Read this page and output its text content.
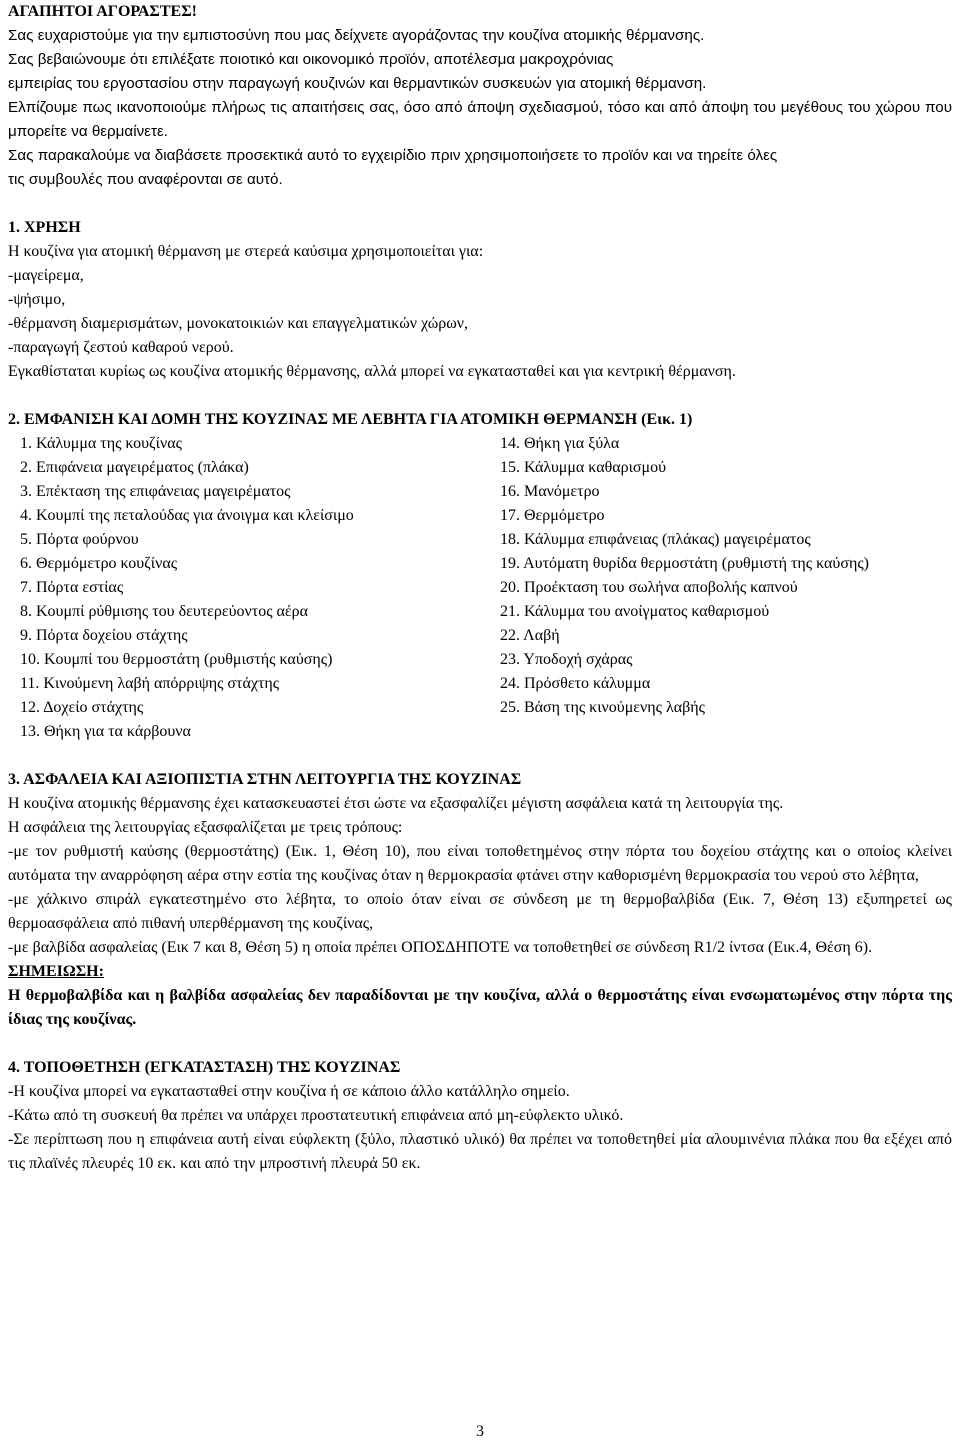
ΑΓΑΠΗΤΟΙ ΑΓΟΡΑΣΤΕΣ!

Σας ευχαριστούμε για την εμπιστοσύνη που μας δείχνετε αγοράζοντας την κουζίνα ατομικής θέρμανσης.

Σας βεβαιώνουμε ότι επιλέξατε ποιοτικό και οικονομικό προϊόν, αποτέλεσμα μακροχρόνιας

εμπειρίας του εργοστασίου στην παραγωγή κουζινών και θερμαντικών συσκευών για ατομική θέρμανση.

Ελπίζουμε πως ικανοποιούμε πλήρως τις απαιτήσεις σας, όσο από άποψη σχεδιασμού, τόσο και από άποψη του μεγέθους του χώρου που μπορείτε να θερμαίνετε.

Σας παρακαλούμε να διαβάσετε προσεκτικά αυτό το εγχειρίδιο πριν χρησιμοποιήσετε το προϊόν και να τηρείτε όλες

τις συμβουλές που αναφέρονται σε αυτό.

1. ΧΡΗΣΗ

Η κουζίνα για ατομική θέρμανση με στερεά καύσιμα χρησιμοποιείται για:

-μαγείρεμα,

-ψήσιμο,

-θέρμανση διαμερισμάτων, μονοκατοικιών και επαγγελματικών χώρων,

-παραγωγή ζεστού καθαρού νερού.

Εγκαθίσταται κυρίως ως κουζίνα ατομικής θέρμανσης, αλλά μπορεί να εγκατασταθεί και για κεντρική θέρμανση.

2. ΕΜΦΑΝΙΣΗ ΚΑΙ ΔΟΜΗ ΤΗΣ ΚΟΥΖΙΝΑΣ ΜΕ ΛΕΒΗΤΑ ΓΙΑ ΑΤΟΜΙΚΗ ΘΕΡΜΑΝΣΗ (Εικ. 1)

1. Κάλυμμα της κουζίνας

2. Επιφάνεια μαγειρέματος (πλάκα)

3. Επέκταση της επιφάνειας μαγειρέματος

4. Κουμπί της πεταλούδας για άνοιγμα και κλείσιμο

5. Πόρτα φούρνου

6. Θερμόμετρο κουζίνας

7. Πόρτα εστίας

8. Κουμπί ρύθμισης του δευτερεύοντος αέρα

9. Πόρτα δοχείου στάχτης

10. Κουμπί του θερμοστάτη (ρυθμιστής καύσης)

11. Κινούμενη λαβή απόρριψης στάχτης

12. Δοχείο στάχτης

13. Θήκη για τα κάρβουνα

14. Θήκη για ξύλα

15. Κάλυμμα καθαρισμού

16. Μανόμετρο

17. Θερμόμετρο

18. Κάλυμμα επιφάνειας (πλάκας) μαγειρέματος

19. Αυτόματη θυρίδα θερμοστάτη (ρυθμιστή της καύσης)

20. Προέκταση του σωλήνα αποβολής καπνού

21. Κάλυμμα του ανοίγματος καθαρισμού

22. Λαβή

23. Υποδοχή σχάρας

24. Πρόσθετο κάλυμμα

25. Βάση της κινούμενης λαβής

3. ΑΣΦΑΛΕΙΑ ΚΑΙ ΑΞΙΟΠΙΣΤΙΑ ΣΤΗΝ ΛΕΙΤΟΥΡΓΙΑ ΤΗΣ ΚΟΥΖΙΝΑΣ

Η κουζίνα ατομικής θέρμανσης έχει κατασκευαστεί έτσι ώστε να εξασφαλίζει μέγιστη ασφάλεια κατά τη λειτουργία της.

Η ασφάλεια της λειτουργίας εξασφαλίζεται με τρεις τρόπους:

-με τον ρυθμιστή καύσης (θερμοστάτης) (Εικ. 1, Θέση 10), που είναι τοποθετημένος στην πόρτα του δοχείου στάχτης και ο οποίος κλείνει αυτόματα την αναρρόφηση αέρα στην εστία της κουζίνας όταν η θερμοκρασία φτάνει στην καθορισμένη θερμοκρασία του νερού στο λέβητα,

-με χάλκινο σπιράλ εγκατεστημένο στο λέβητα, το οποίο όταν είναι σε σύνδεση με τη θερμοβαλβίδα (Εικ. 7, Θέση 13) εξυπηρετεί ως θερμοασφάλεια από πιθανή υπερθέρμανση της κουζίνας,

-με βαλβίδα ασφαλείας (Εικ 7 και 8, Θέση 5) η οποία πρέπει ΟΠΟΣΔΗΠΟΤΕ να τοποθετηθεί σε σύνδεση R1/2 ίντσα (Εικ.4, Θέση 6).

ΣΗΜΕΙΩΣΗ:

Η θερμοβαλβίδα και η βαλβίδα ασφαλείας δεν παραδίδονται με την κουζίνα, αλλά ο θερμοστάτης είναι ενσωματωμένος στην πόρτα της ίδιας της κουζίνας.

4. ΤΟΠΟΘΕΤΗΣΗ (ΕΓΚΑΤΑΣΤΑΣΗ) ΤΗΣ ΚΟΥΖΙΝΑΣ

-Η κουζίνα μπορεί να εγκατασταθεί στην κουζίνα ή σε κάποιο άλλο κατάλληλο σημείο.

-Κάτω από τη συσκευή θα πρέπει να υπάρχει προστατευτική επιφάνεια από μη-εύφλεκτο υλικό.

-Σε περίπτωση που η επιφάνεια αυτή είναι εύφλεκτη (ξύλο, πλαστικό υλικό) θα πρέπει να τοποθετηθεί μία αλουμινένια πλάκα που θα εξέχει από τις πλαϊνές πλευρές 10 εκ. και από την μπροστινή πλευρά 50 εκ.

3
